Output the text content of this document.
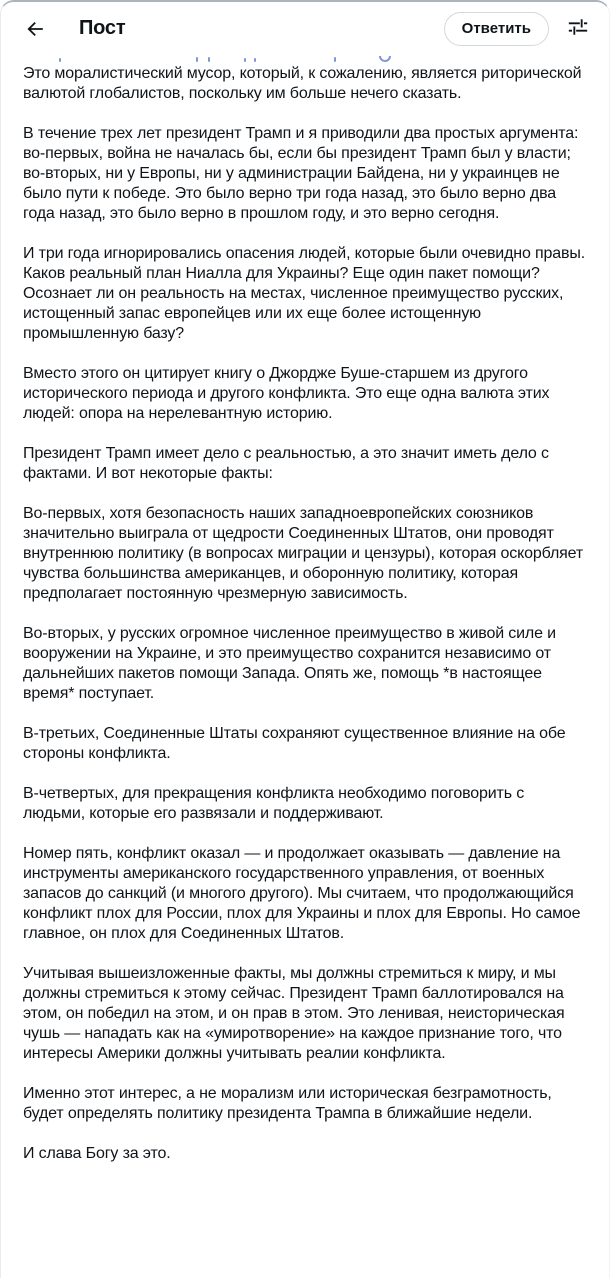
Пост	Ответить

Это моралистический мусор, который, к сожалению, является риторической валютой глобалистов, поскольку им больше нечего сказать.

В течение трех лет президент Трамп и я приводили два простых аргумента: во-первых, война не началась бы, если бы президент Трамп был у власти; во-вторых, ни у Европы, ни у администрации Байдена, ни у украинцев не было пути к победе. Это было верно три года назад, это было верно два года назад, это было верно в прошлом году, и это верно сегодня.

И три года игнорировались опасения людей, которые были очевидно правы. Каков реальный план Ниалла для Украины? Еще один пакет помощи? Осознает ли он реальность на местах, численное преимущество русских, истощенный запас европейцев или их еще более истощенную промышленную базу?

Вместо этого он цитирует книгу о Джордже Буше-старшем из другого исторического периода и другого конфликта. Это еще одна валюта этих людей: опора на нерелевантную историю.

Президент Трамп имеет дело с реальностью, а это значит иметь дело с фактами. И вот некоторые факты:

Во-первых, хотя безопасность наших западноевропейских союзников значительно выиграла от щедрости Соединенных Штатов, они проводят внутреннюю политику (в вопросах миграции и цензуры), которая оскорбляет чувства большинства американцев, и оборонную политику, которая предполагает постоянную чрезмерную зависимость.

Во-вторых, у русских огромное численное преимущество в живой силе и вооружении на Украине, и это преимущество сохранится независимо от дальнейших пакетов помощи Запада. Опять же, помощь *в настоящее время* поступает.

В-третьих, Соединенные Штаты сохраняют существенное влияние на обе стороны конфликта.

В-четвертых, для прекращения конфликта необходимо поговорить с людьми, которые его развязали и поддерживают.

Номер пять, конфликт оказал — и продолжает оказывать — давление на инструменты американского государственного управления, от военных запасов до санкций (и многого другого). Мы считаем, что продолжающийся конфликт плох для России, плох для Украины и плох для Европы. Но самое главное, он плох для Соединенных Штатов.

Учитывая вышеизложенные факты, мы должны стремиться к миру, и мы должны стремиться к этому сейчас. Президент Трамп баллотировался на этом, он победил на этом, и он прав в этом. Это ленивая, неисторическая чушь — нападать как на «умиротворение» на каждое признание того, что интересы Америки должны учитывать реалии конфликта.

Именно этот интерес, а не морализм или историческая безграмотность, будет определять политику президента Трампа в ближайшие недели.

И слава Богу за это.
